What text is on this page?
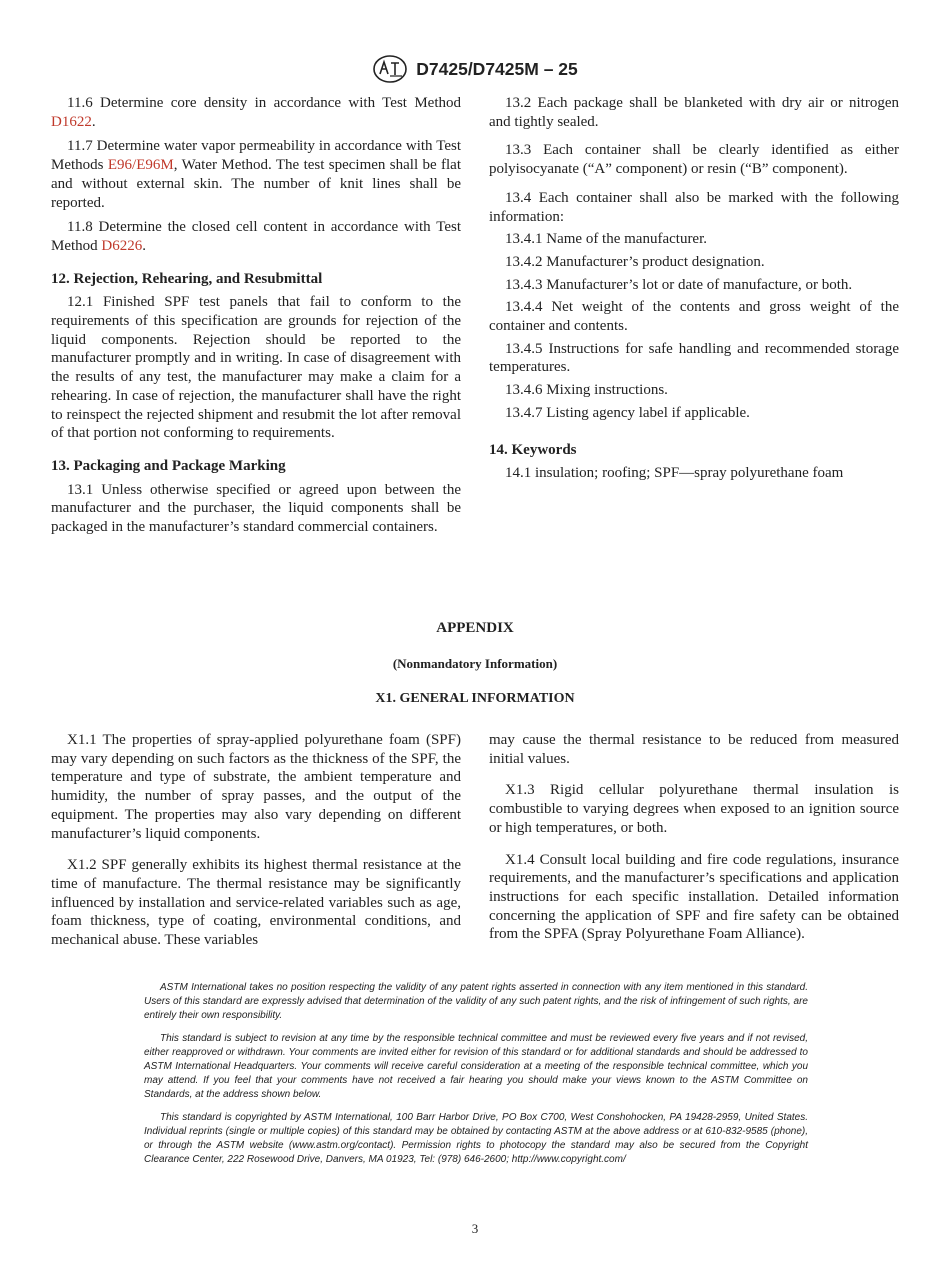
D7425/D7425M – 25

11.6 Determine core density in accordance with Test Method D1622.

11.7 Determine water vapor permeability in accordance with Test Methods E96/E96M, Water Method. The test specimen shall be flat and without external skin. The number of knit lines shall be reported.

11.8 Determine the closed cell content in accordance with Test Method D6226.

12. Rejection, Rehearing, and Resubmittal

12.1 Finished SPF test panels that fail to conform to the requirements of this specification are grounds for rejection of the liquid components. Rejection should be reported to the manufacturer promptly and in writing. In case of disagreement with the results of any test, the manufacturer may make a claim for a rehearing. In case of rejection, the manufacturer shall have the right to reinspect the rejected shipment and resubmit the lot after removal of that portion not conforming to requirements.

13. Packaging and Package Marking

13.1 Unless otherwise specified or agreed upon between the manufacturer and the purchaser, the liquid components shall be packaged in the manufacturer’s standard commercial containers.

13.2 Each package shall be blanketed with dry air or nitrogen and tightly sealed.

13.3 Each container shall be clearly identified as either polyisocyanate (“A” component) or resin (“B” component).

13.4 Each container shall also be marked with the following information:

13.4.1 Name of the manufacturer.

13.4.2 Manufacturer’s product designation.

13.4.3 Manufacturer’s lot or date of manufacture, or both.

13.4.4 Net weight of the contents and gross weight of the container and contents.

13.4.5 Instructions for safe handling and recommended storage temperatures.

13.4.6 Mixing instructions.

13.4.7 Listing agency label if applicable.

14. Keywords

14.1 insulation; roofing; SPF—spray polyurethane foam

APPENDIX
(Nonmandatory Information)
X1. GENERAL INFORMATION

X1.1 The properties of spray-applied polyurethane foam (SPF) may vary depending on such factors as the thickness of the SPF, the temperature and type of substrate, the ambient temperature and humidity, the number of spray passes, and the output of the equipment. The properties may also vary depending on different manufacturer’s liquid components.

X1.2 SPF generally exhibits its highest thermal resistance at the time of manufacture. The thermal resistance may be significantly influenced by installation and service-related variables such as age, foam thickness, type of coating, environmental conditions, and mechanical abuse. These variables

may cause the thermal resistance to be reduced from measured initial values.

X1.3 Rigid cellular polyurethane thermal insulation is combustible to varying degrees when exposed to an ignition source or high temperatures, or both.

X1.4 Consult local building and fire code regulations, insurance requirements, and the manufacturer’s specifications and application instructions for each specific installation. Detailed information concerning the application of SPF and fire safety can be obtained from the SPFA (Spray Polyurethane Foam Alliance).

ASTM International takes no position respecting the validity of any patent rights asserted in connection with any item mentioned in this standard. Users of this standard are expressly advised that determination of the validity of any such patent rights, and the risk of infringement of such rights, are entirely their own responsibility.

This standard is subject to revision at any time by the responsible technical committee and must be reviewed every five years and if not revised, either reapproved or withdrawn. Your comments are invited either for revision of this standard or for additional standards and should be addressed to ASTM International Headquarters. Your comments will receive careful consideration at a meeting of the responsible technical committee, which you may attend. If you feel that your comments have not received a fair hearing you should make your views known to the ASTM Committee on Standards, at the address shown below.

This standard is copyrighted by ASTM International, 100 Barr Harbor Drive, PO Box C700, West Conshohocken, PA 19428-2959, United States. Individual reprints (single or multiple copies) of this standard may be obtained by contacting ASTM at the above address or at 610-832-9585 (phone), or through the ASTM website (www.astm.org/contact). Permission rights to photocopy the standard may also be secured from the Copyright Clearance Center, 222 Rosewood Drive, Danvers, MA 01923, Tel: (978) 646-2600; http://www.copyright.com/

3
